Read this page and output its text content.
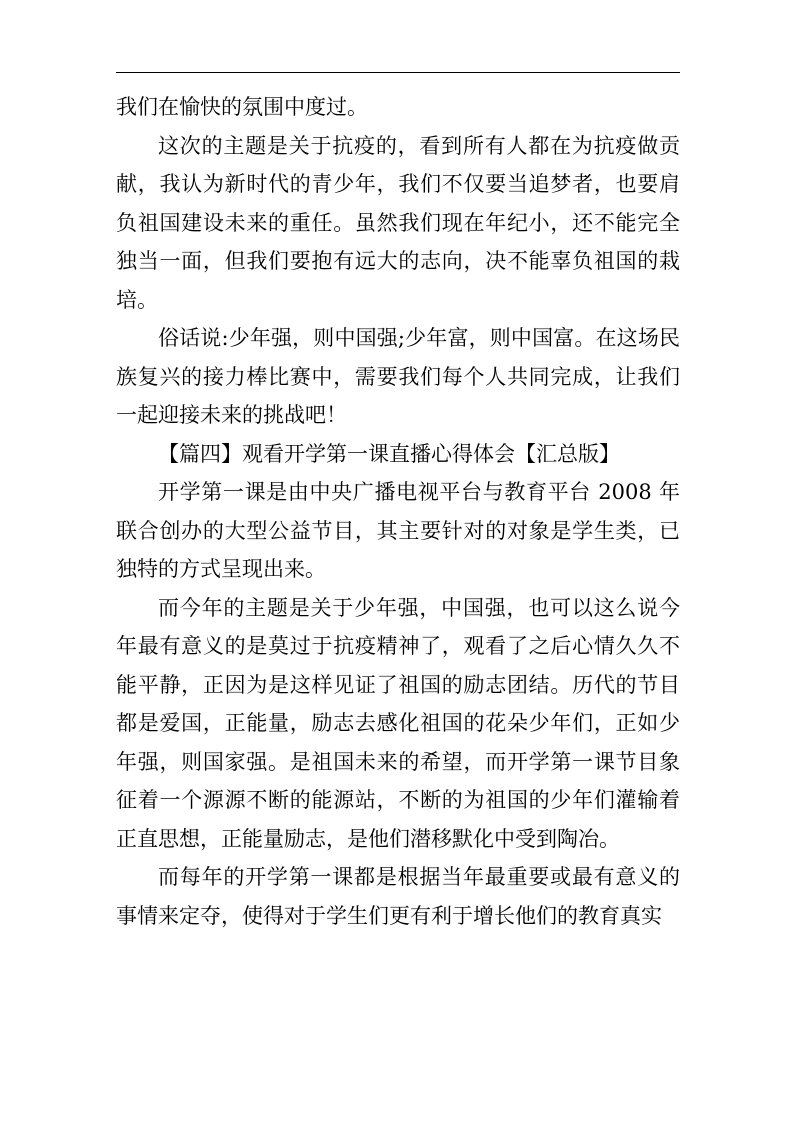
我们在愉快的氛围中度过。

这次的主题是关于抗疫的，看到所有人都在为抗疫做贡献，我认为新时代的青少年，我们不仅要当追梦者，也要肩负祖国建设未来的重任。虽然我们现在年纪小，还不能完全独当一面，但我们要抱有远大的志向，决不能辜负祖国的栽培。

俗话说:少年强，则中国强;少年富，则中国富。在这场民族复兴的接力棒比赛中，需要我们每个人共同完成，让我们一起迎接未来的挑战吧！

【篇四】观看开学第一课直播心得体会【汇总版】

开学第一课是由中央广播电视平台与教育平台 2008 年联合创办的大型公益节目，其主要针对的对象是学生类，已独特的方式呈现出来。

而今年的主题是关于少年强，中国强，也可以这么说今年最有意义的是莫过于抗疫精神了，观看了之后心情久久不能平静，正因为是这样见证了祖国的励志团结。历代的节目都是爱国，正能量，励志去感化祖国的花朵少年们，正如少年强，则国家强。是祖国未来的希望，而开学第一课节目象征着一个源源不断的能源站，不断的为祖国的少年们灌输着正直思想，正能量励志，是他们潜移默化中受到陶冶。

而每年的开学第一课都是根据当年最重要或最有意义的事情来定夺，使得对于学生们更有利于增长他们的教育真实
